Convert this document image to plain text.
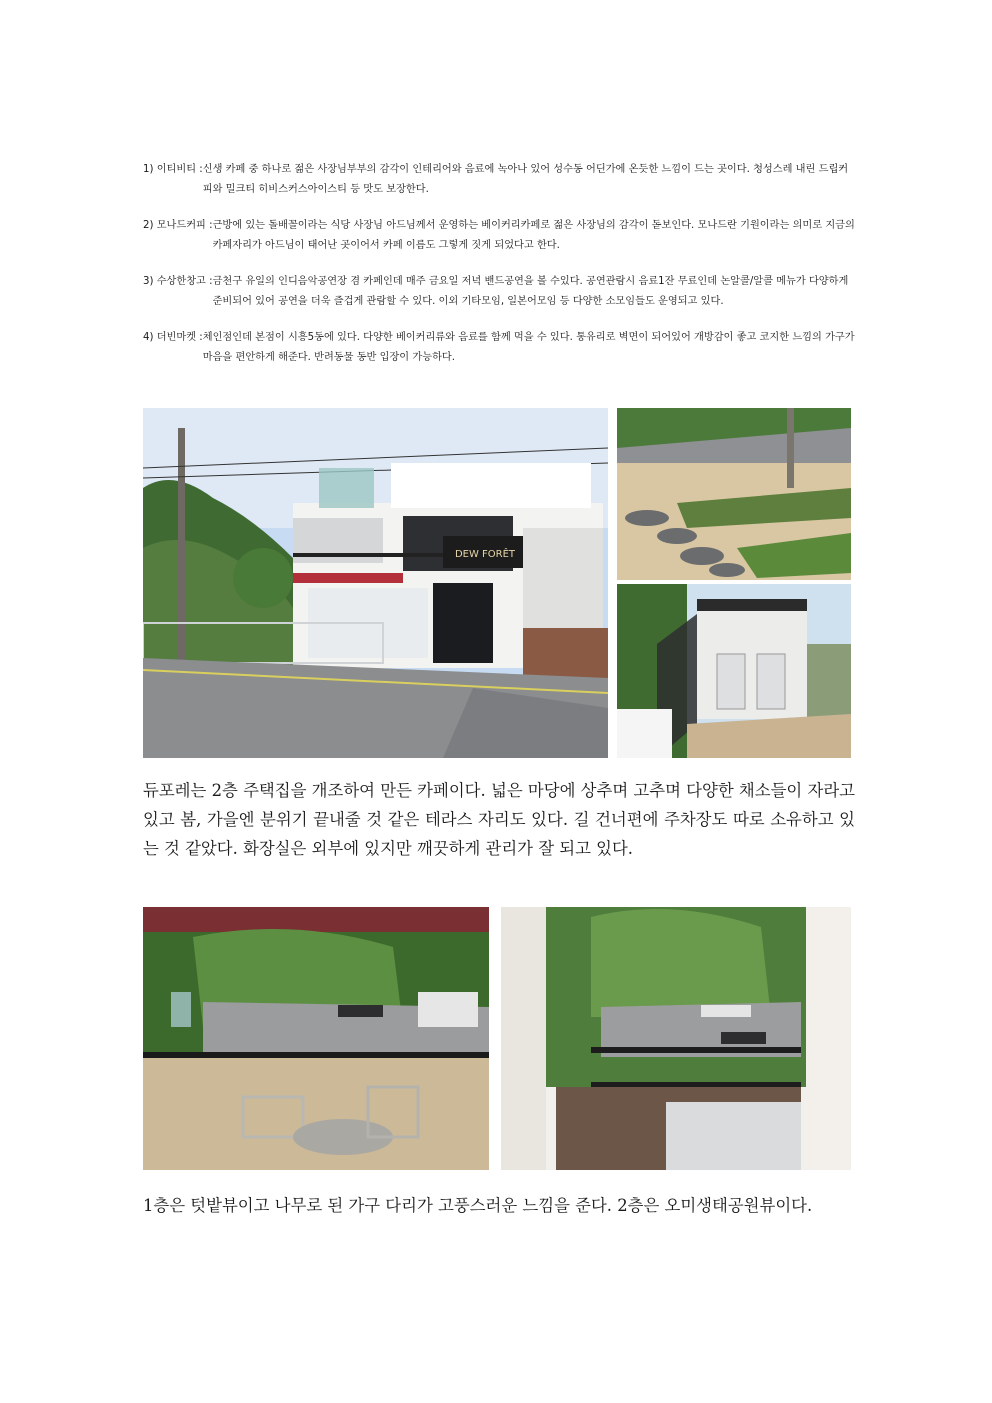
1) 이티비티 : 신생 카페 중 하나로 젊은 사장님부부의 감각이 인테리어와 음료에 녹아나 있어 성수동 어딘가에 온듯한 느낌이 드는 곳이다. 청성스레 내린 드립커피와 밀크티 히비스커스아이스티 등 맛도 보장한다.
2) 모나드커피 : 근방에 있는 돌배꼴이라는 식당 사장님 아드님께서 운영하는 베이커리카페로 젊은 사장님의 감각이 돋보인다. 모나드란 기원이라는 의미로 지금의 카페자리가 아드님이 태어난 곳이어서 카페 이름도 그렇게 짓게 되었다고 한다.
3) 수상한창고 : 금천구 유일의 인디음악공연장 겸 카페인데 매주 금요일 저녁 밴드공연을 볼 수있다. 공연관람시 음료1잔 무료인데 논알콜/알콜 메뉴가 다양하게 준비되어 있어 공연을 더욱 즐겁게 관람할 수 있다. 이외 기타모임, 일본어모임 등 다양한 소모임들도 운영되고 있다.
4) 더빈마켓 : 체인점인데 본점이 시흥5동에 있다. 다양한 베이커리류와 음료를 함께 먹을 수 있다. 통유리로 벽면이 되어있어 개방감이 좋고 코지한 느낌의 가구가 마음을 편안하게 해준다. 반려동물 동반 입장이 가능하다.
DEW FORÊT
듀포레는 2층 주택집을 개조하여 만든 카페이다. 넓은 마당에 상추며 고추며 다양한 채소들이 자라고 있고 봄, 가을엔 분위기 끝내줄 것 같은 테라스 자리도 있다. 길 건너편에 주차장도 따로 소유하고 있는 것 같았다. 화장실은 외부에 있지만 깨끗하게 관리가 잘 되고 있다.
1층은 텃밭뷰이고 나무로 된 가구 다리가 고풍스러운 느낌을 준다. 2층은 오미생태공원뷰이다.
